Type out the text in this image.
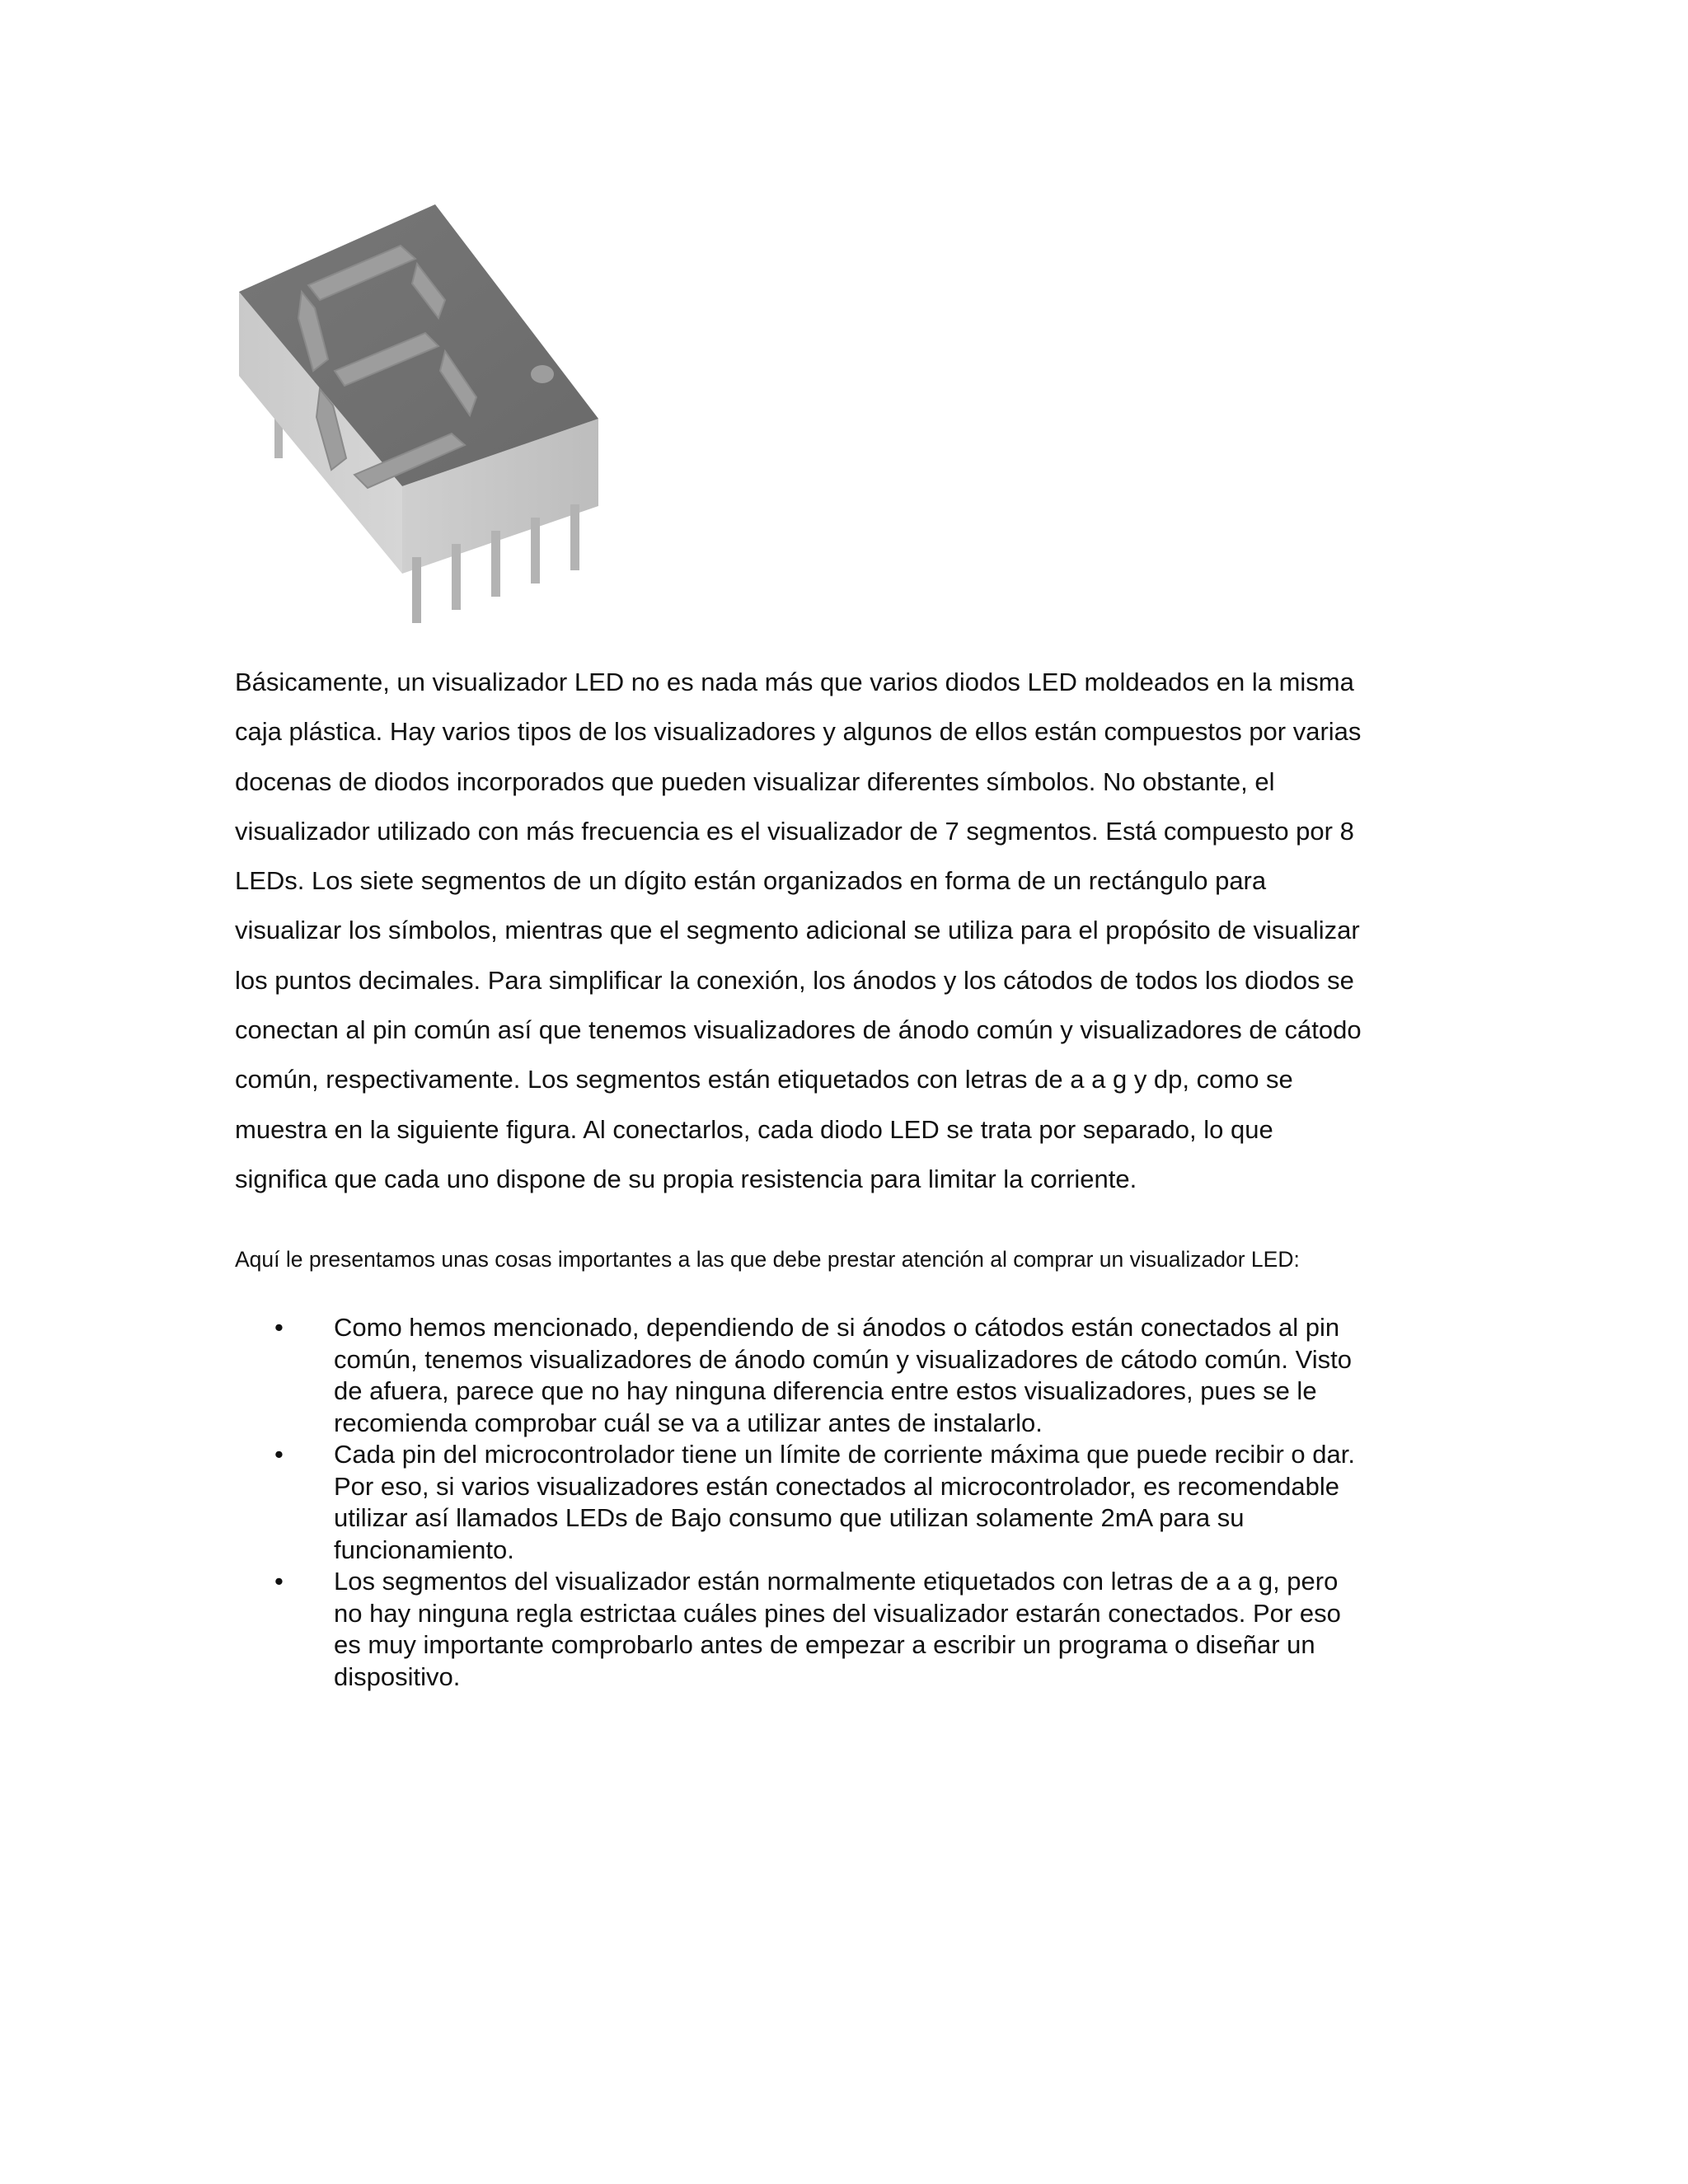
Básicamente, un visualizador LED no es nada más que varios diodos LED moldeados en la misma
caja plástica. Hay varios tipos de los visualizadores y algunos de ellos están compuestos por varias
docenas de diodos incorporados que pueden visualizar diferentes símbolos. No obstante, el
visualizador utilizado con más frecuencia es el visualizador de 7 segmentos. Está compuesto por 8
LEDs. Los siete segmentos de un dígito están organizados en forma de un rectángulo para
visualizar los símbolos, mientras que el segmento adicional se utiliza para el propósito de visualizar
los puntos decimales. Para simplificar la conexión, los ánodos y los cátodos de todos los diodos se
conectan al pin común así que tenemos visualizadores de ánodo común y visualizadores de cátodo
común, respectivamente. Los segmentos están etiquetados con letras de a a g y dp, como se
muestra en la siguiente figura. Al conectarlos, cada diodo LED se trata por separado, lo que
significa que cada uno dispone de su propia resistencia para limitar la corriente.

Aquí le presentamos unas cosas importantes a las que debe prestar atención al comprar un visualizador LED:

• Como hemos mencionado, dependiendo de si ánodos o cátodos están conectados al pin
común, tenemos visualizadores de ánodo común y visualizadores de cátodo común. Visto
de afuera, parece que no hay ninguna diferencia entre estos visualizadores, pues se le
recomienda comprobar cuál se va a utilizar antes de instalarlo.
• Cada pin del microcontrolador tiene un límite de corriente máxima que puede recibir o dar.
Por eso, si varios visualizadores están conectados al microcontrolador, es recomendable
utilizar así llamados LEDs de Bajo consumo que utilizan solamente 2mA para su
funcionamiento.
• Los segmentos del visualizador están normalmente etiquetados con letras de a a g, pero
no hay ninguna regla estrictaa cuáles pines del visualizador estarán conectados. Por eso
es muy importante comprobarlo antes de empezar a escribir un programa o diseñar un
dispositivo.
